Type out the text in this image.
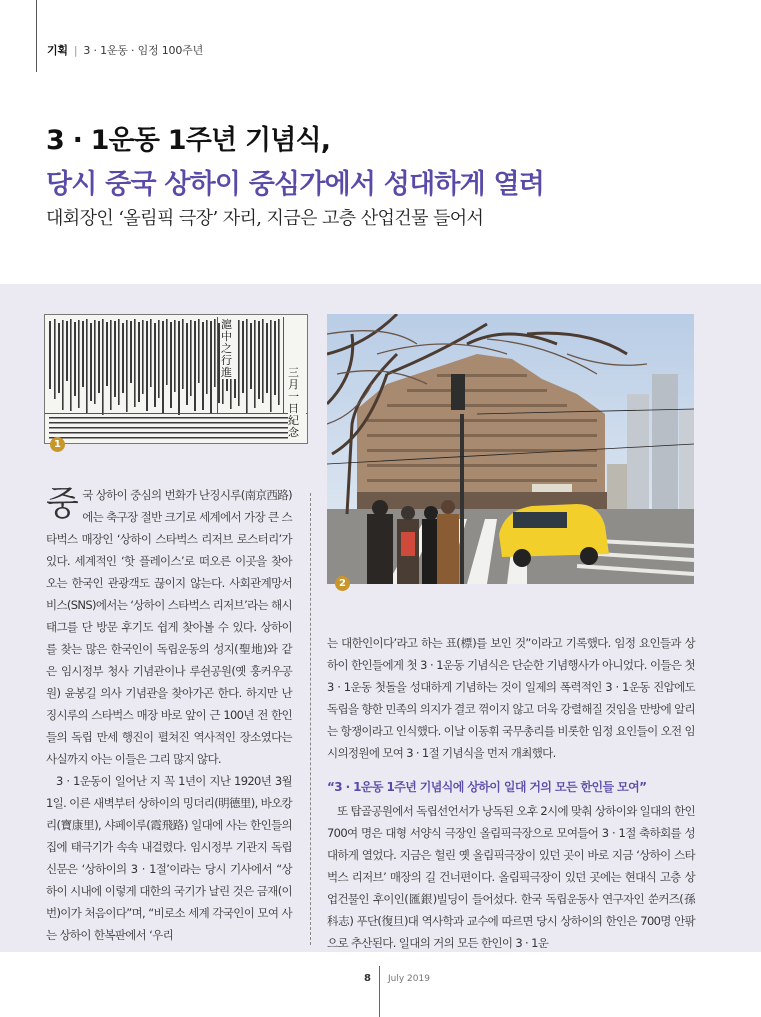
기획 | 3 · 1운동 · 임정 100주년
3 · 1운동 1주년 기념식,
당시 중국 상하이 중심가에서 성대하게 열려
대회장인 ‘올림픽 극장’ 자리, 지금은 고층 산업건물 들어서
滬中之行進	三月一日紀念
1
2

중국 상하이 중심의 번화가 난징시루(南京西路)에는 축구장 절반 크기로 세계에서 가장 큰 스타벅스 매장인 ‘상하이 스타벅스 리저브 로스터리’가 있다. 세계적인 ‘핫 플레이스’로 떠오른 이곳을 찾아오는 한국인 관광객도 끊이지 않는다. 사회관계망서비스(SNS)에서는 ‘상하이 스타벅스 리저브’라는 해시태그를 단 방문 후기도 쉽게 찾아볼 수 있다. 상하이를 찾는 많은 한국인이 독립운동의 성지(聖地)와 같은 임시정부 청사 기념관이나 루쉰공원(옛 훙커우공원) 윤봉길 의사 기념관을 찾아가곤 한다. 하지만 난징시루의 스타벅스 매장 바로 앞이 근 100년 전 한인들의 독립 만세 행진이 펼쳐진 역사적인 장소였다는 사실까지 아는 이들은 그리 많지 않다.

3 · 1운동이 일어난 지 꼭 1년이 지난 1920년 3월 1일. 이른 새벽부터 상하이의 밍더리(明德里), 바오캉리(寶康里), 샤페이루(霞飛路) 일대에 사는 한인들의 집에 태극기가 속속 내걸렸다. 임시정부 기관지 독립신문은 ‘상하이의 3 · 1절’이라는 당시 기사에서 “상하이 시내에 이렇게 대한의 국기가 날린 것은 금재(이번)이가 처음이다”며, “비로소 세계 각국인이 모여 사는 상하이 한복판에서 ‘우리

는 대한인이다’라고 하는 표(標)를 보인 것”이라고 기록했다. 임정 요인들과 상하이 한인들에게 첫 3 · 1운동 기념식은 단순한 기념행사가 아니었다. 이들은 첫 3 · 1운동 첫돌을 성대하게 기념하는 것이 일제의 폭력적인 3 · 1운동 진압에도 독립을 향한 민족의 의지가 결코 꺾이지 않고 더욱 강렬해질 것임을 만방에 알리는 항쟁이라고 인식했다. 이날 이동휘 국무총리를 비롯한 임정 요인들이 오전 임시의정원에 모여 3 · 1절 기념식을 먼저 개최했다.

“3 · 1운동 1주년 기념식에 상하이 일대 거의 모든 한인들 모여”

또 탑골공원에서 독립선언서가 낭독된 오후 2시에 맞춰 상하이와 일대의 한인 700여 명은 대형 서양식 극장인 올림픽극장으로 모여들어 3 · 1절 축하회를 성대하게 열었다. 지금은 헐린 옛 올림픽극장이 있던 곳이 바로 지금 ‘상하이 스타벅스 리저브’ 매장의 길 건너편이다. 올림픽극장이 있던 곳에는 현대식 고층 상업건물인 후이인(匯銀)빌딩이 들어섰다. 한국 독립운동사 연구자인 쑨커즈(孫科志) 푸단(復旦)대 역사학과 교수에 따르면 당시 상하이의 한인은 700명 안팎으로 추산된다. 일대의 거의 모든 한인이 3 · 1운

8 July 2019
